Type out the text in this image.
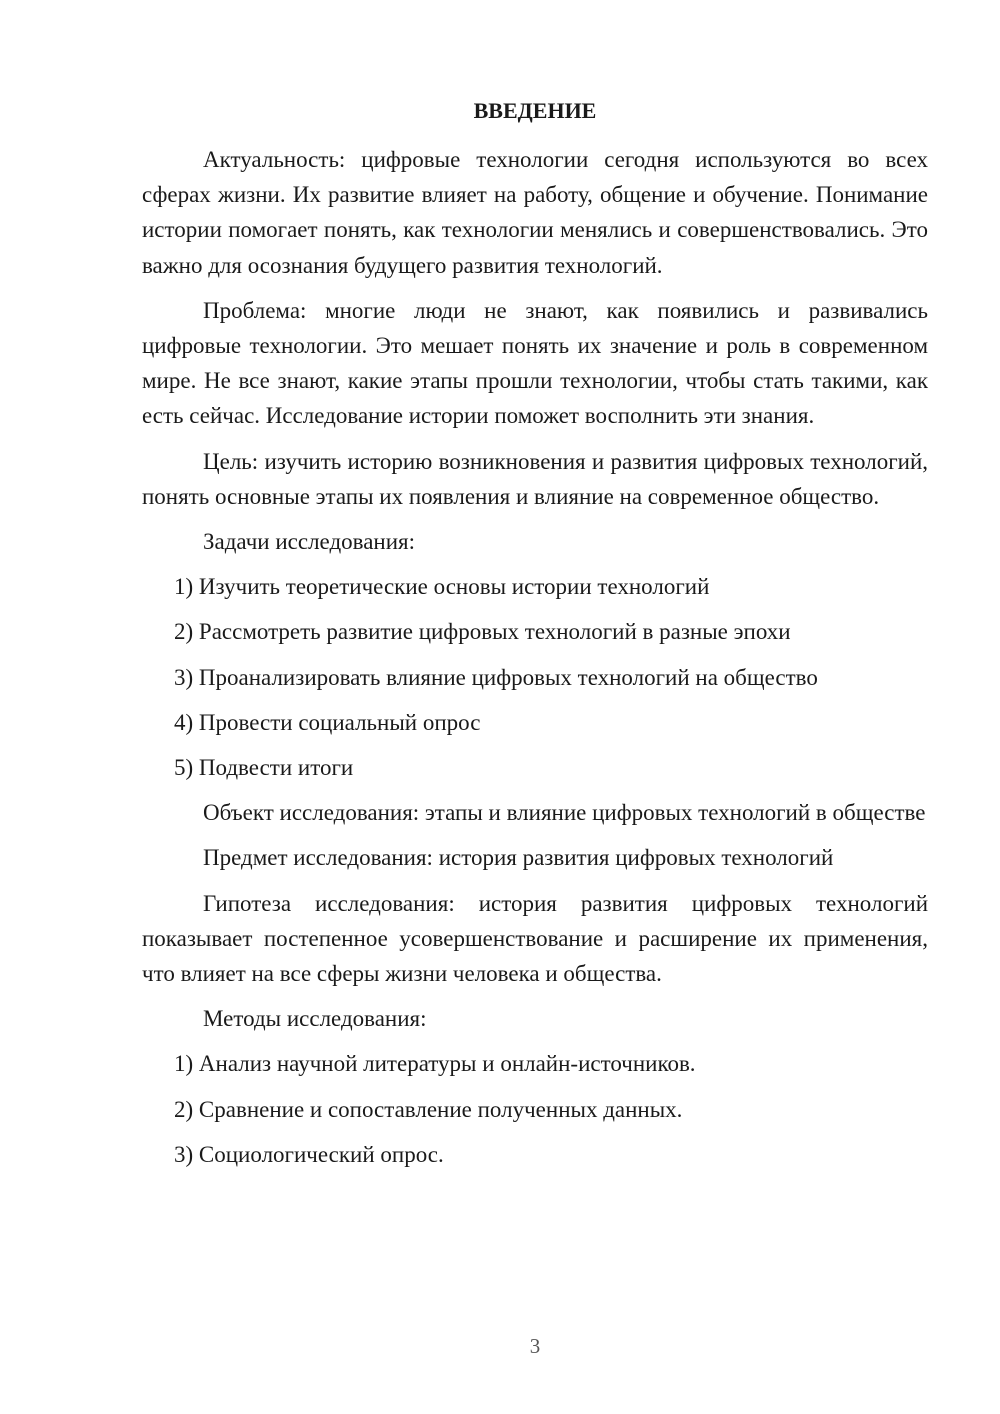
ВВЕДЕНИЕ

Актуальность: цифровые технологии сегодня используются во всех сферах жизни. Их развитие влияет на работу, общение и обучение. Понимание истории помогает понять, как технологии менялись и совершенствовались. Это важно для осознания будущего развития технологий.

Проблема: многие люди не знают, как появились и развивались цифровые технологии. Это мешает понять их значение и роль в современном мире. Не все знают, какие этапы прошли технологии, чтобы стать такими, как есть сейчас. Исследование истории поможет восполнить эти знания.

Цель: изучить историю возникновения и развития цифровых технологий, понять основные этапы их появления и влияние на современное общество.

Задачи исследования:

1) Изучить теоретические основы истории технологий

2) Рассмотреть развитие цифровых технологий в разные эпохи

3) Проанализировать влияние цифровых технологий на общество

4) Провести социальный опрос

5) Подвести итоги

Объект исследования: этапы и влияние цифровых технологий в обществе

Предмет исследования: история развития цифровых технологий

Гипотеза исследования: история развития цифровых технологий показывает постепенное усовершенствование и расширение их применения, что влияет на все сферы жизни человека и общества.

Методы исследования:

1) Анализ научной литературы и онлайн-источников.

2) Сравнение и сопоставление полученных данных.

3) Социологический опрос.

3
